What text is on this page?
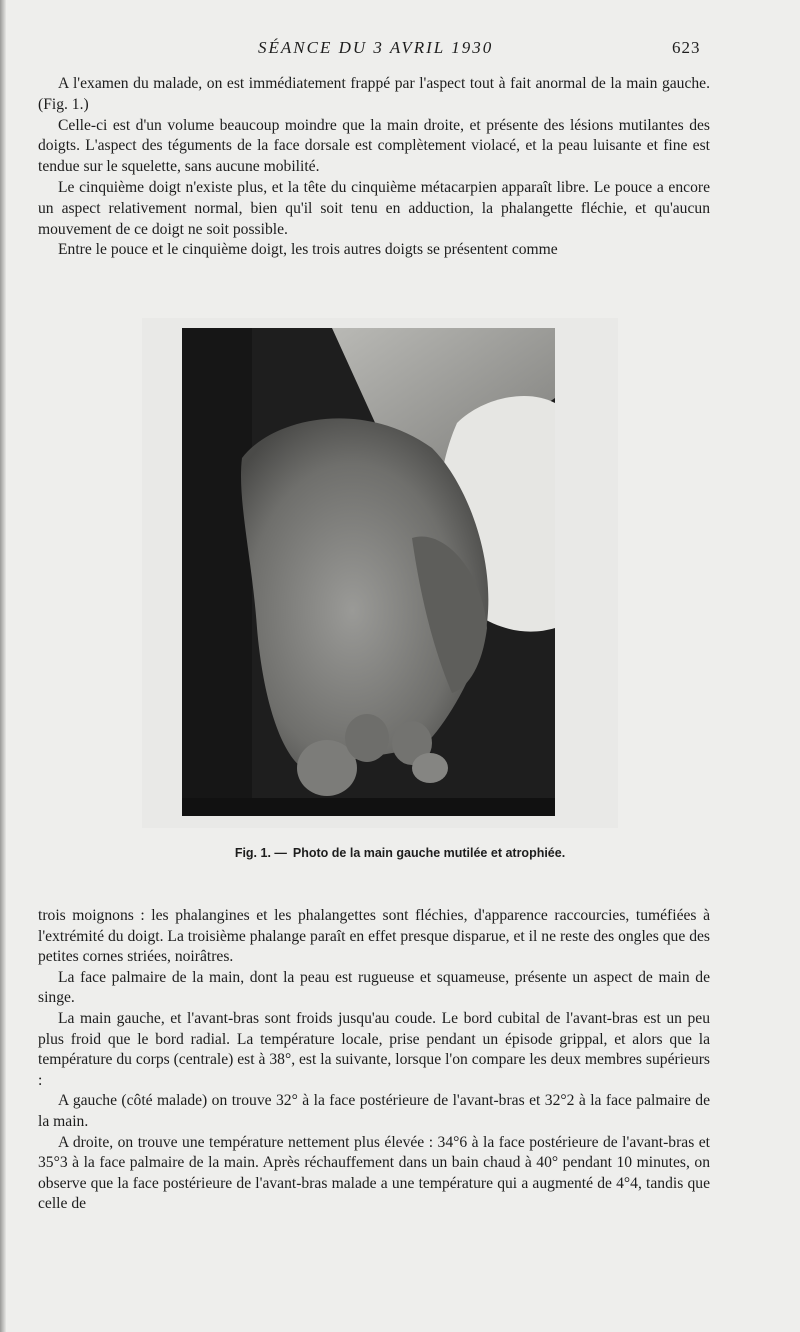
SÉANCE DU 3 AVRIL 1930	623

A l'examen du malade, on est immédiatement frappé par l'aspect tout à fait anormal de la main gauche. (Fig. 1.)

Celle-ci est d'un volume beaucoup moindre que la main droite, et présente des lésions mutilantes des doigts. L'aspect des téguments de la face dorsale est complètement violacé, et la peau luisante et fine est tendue sur le squelette, sans aucune mobilité.

Le cinquième doigt n'existe plus, et la tête du cinquième métacarpien apparaît libre. Le pouce a encore un aspect relativement normal, bien qu'il soit tenu en adduction, la phalangette fléchie, et qu'aucun mouvement de ce doigt ne soit possible.

Entre le pouce et le cinquième doigt, les trois autres doigts se présentent comme

Fig. 1. — Photo de la main gauche mutilée et atrophiée.

trois moignons : les phalangines et les phalangettes sont fléchies, d'apparence raccourcies, tuméfiées à l'extrémité du doigt. La troisième phalange paraît en effet presque disparue, et il ne reste des ongles que des petites cornes striées, noirâtres.

La face palmaire de la main, dont la peau est rugueuse et squameuse, présente un aspect de main de singe.

La main gauche, et l'avant-bras sont froids jusqu'au coude. Le bord cubital de l'avant-bras est un peu plus froid que le bord radial. La température locale, prise pendant un épisode grippal, et alors que la température du corps (centrale) est à 38°, est la suivante, lorsque l'on compare les deux membres supérieurs :

A gauche (côté malade) on trouve 32° à la face postérieure de l'avant-bras et 32°2 à la face palmaire de la main.

A droite, on trouve une température nettement plus élevée : 34°6 à la face postérieure de l'avant-bras et 35°3 à la face palmaire de la main. Après réchauffement dans un bain chaud à 40° pendant 10 minutes, on observe que la face postérieure de l'avant-bras malade a une température qui a augmenté de 4°4, tandis que celle de
